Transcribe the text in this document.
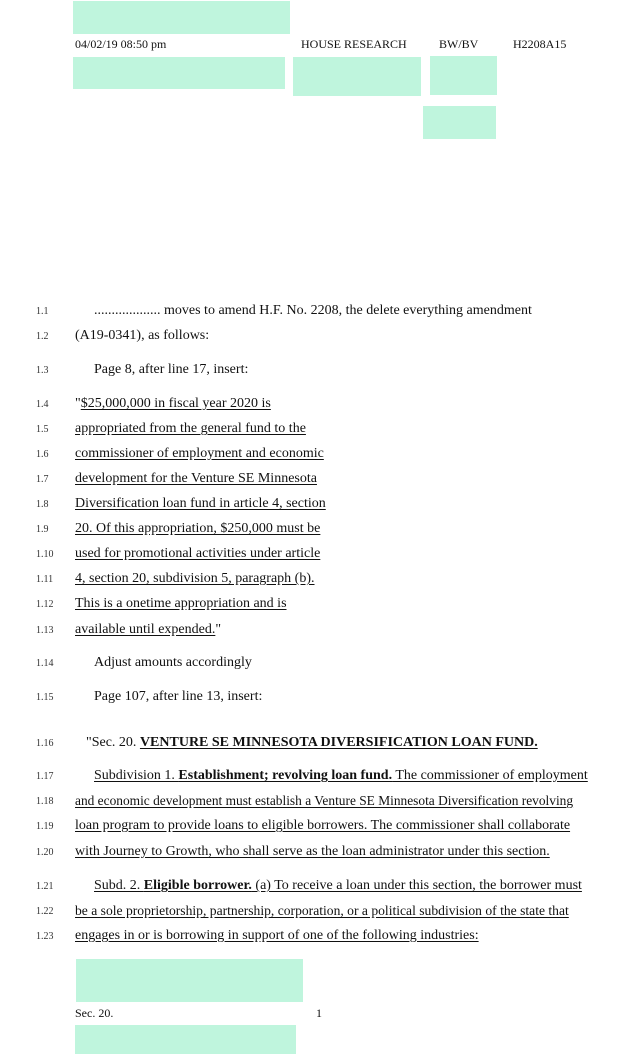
04/02/19 08:50 pm	HOUSE RESEARCH	BW/BV	H2208A15
1.1	................... moves to amend H.F. No. 2208, the delete everything amendment
1.2 (A19-0341), as follows:
1.3	Page 8, after line 17, insert:
1.4 "$25,000,000 in fiscal year 2020 is
1.5 appropriated from the general fund to the
1.6 commissioner of employment and economic
1.7 development for the Venture SE Minnesota
1.8 Diversification loan fund in article 4, section
1.9 20. Of this appropriation, $250,000 must be
1.10 used for promotional activities under article
1.11 4, section 20, subdivision 5, paragraph (b).
1.12 This is a onetime appropriation and is
1.13 available until expended."
1.14	Adjust amounts accordingly
1.15	Page 107, after line 13, insert:
1.16 "Sec. 20. VENTURE SE MINNESOTA DIVERSIFICATION LOAN FUND.
1.17	Subdivision 1. Establishment; revolving loan fund. The commissioner of employment
1.18 and economic development must establish a Venture SE Minnesota Diversification revolving
1.19 loan program to provide loans to eligible borrowers. The commissioner shall collaborate
1.20 with Journey to Growth, who shall serve as the loan administrator under this section.
1.21	Subd. 2. Eligible borrower. (a) To receive a loan under this section, the borrower must
1.22 be a sole proprietorship, partnership, corporation, or a political subdivision of the state that
1.23 engages in or is borrowing in support of one of the following industries:
Sec. 20.	1
